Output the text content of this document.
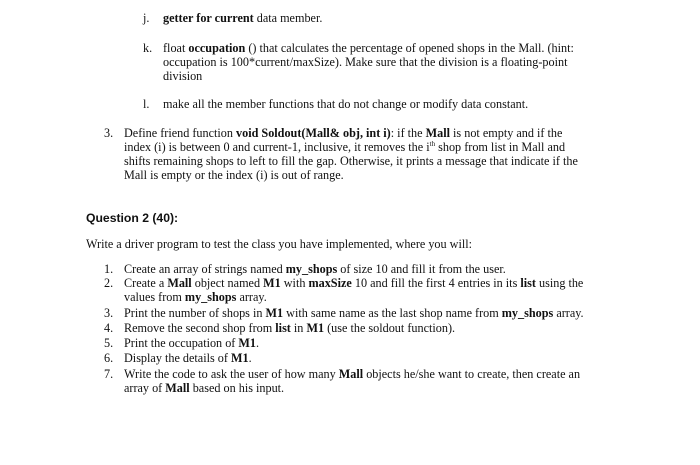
j. getter for current data member.
k. float occupation () that calculates the percentage of opened shops in the Mall. (hint:
occupation is 100*current/maxSize). Make sure that the division is a floating-point
division
l. make all the member functions that do not change or modify data constant.
3. Define friend function void Soldout(Mall& obj, int i): if the Mall is not empty and if the
index (i) is between 0 and current-1, inclusive, it removes the $i^{th}$ shop from list in Mall and
shifts remaining shops to left to fill the gap. Otherwise, it prints a message that indicate if the
Mall is empty or the index (i) is out of range.
Question 2 (40):
Write a driver program to test the class you have implemented, where you will:
1. Create an array of strings named my_shops of size 10 and fill it from the user.
2. Create a Mall object named M1 with maxSize 10 and fill the first 4 entries in its list using the
values from my_shops array.
3. Print the number of shops in M1 with same name as the last shop name from my_shops array.
4. Remove the second shop from list in M1 (use the soldout function).
5. Print the occupation of M1.
6. Display the details of M1.
7. Write the code to ask the user of how many Mall objects he/she want to create, then create an
array of Mall based on his input.
